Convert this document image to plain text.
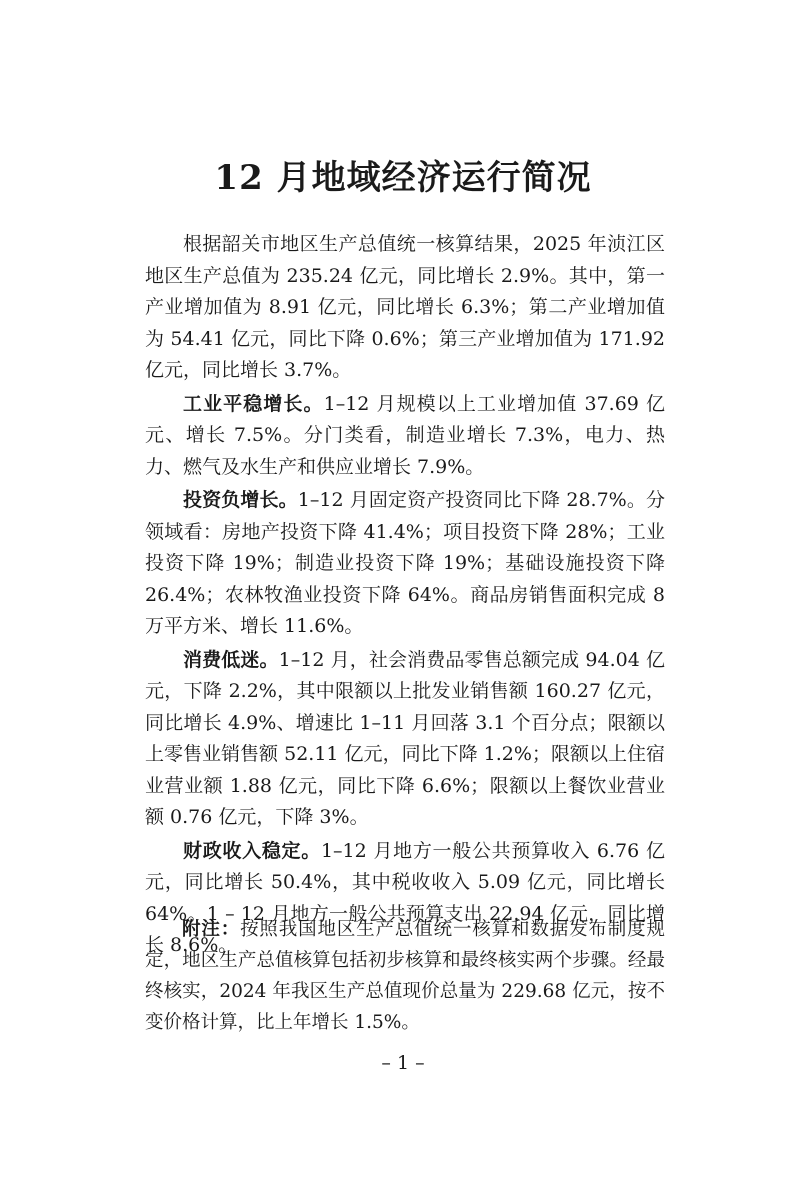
12 月地域经济运行简况

根据韶关市地区生产总值统一核算结果，2025 年浈江区地区生产总值为 235.24 亿元，同比增长 2.9%。其中，第一产业增加值为 8.91 亿元，同比增长 6.3%；第二产业增加值为 54.41 亿元，同比下降 0.6%；第三产业增加值为 171.92 亿元，同比增长 3.7%。

工业平稳增长。1–12 月规模以上工业增加值 37.69 亿元、增长 7.5%。分门类看，制造业增长 7.3%，电力、热力、燃气及水生产和供应业增长 7.9%。

投资负增长。1–12 月固定资产投资同比下降 28.7%。分领域看：房地产投资下降 41.4%；项目投资下降 28%；工业投资下降 19%；制造业投资下降 19%；基础设施投资下降 26.4%；农林牧渔业投资下降 64%。商品房销售面积完成 8 万平方米、增长 11.6%。

消费低迷。1–12 月，社会消费品零售总额完成 94.04 亿元，下降 2.2%，其中限额以上批发业销售额 160.27 亿元，同比增长 4.9%、增速比 1–11 月回落 3.1 个百分点；限额以上零售业销售额 52.11 亿元，同比下降 1.2%；限额以上住宿业营业额 1.88 亿元，同比下降 6.6%；限额以上餐饮业营业额 0.76 亿元，下降 3%。

财政收入稳定。1–12 月地方一般公共预算收入 6.76 亿元，同比增长 50.4%，其中税收收入 5.09 亿元，同比增长 64%。1 – 12 月地方一般公共预算支出 22.94 亿元，同比增长 8.6%。

附注：按照我国地区生产总值统一核算和数据发布制度规定，地区生产总值核算包括初步核算和最终核实两个步骤。经最终核实，2024 年我区生产总值现价总量为 229.68 亿元，按不变价格计算，比上年增长 1.5%。

– 1 –
